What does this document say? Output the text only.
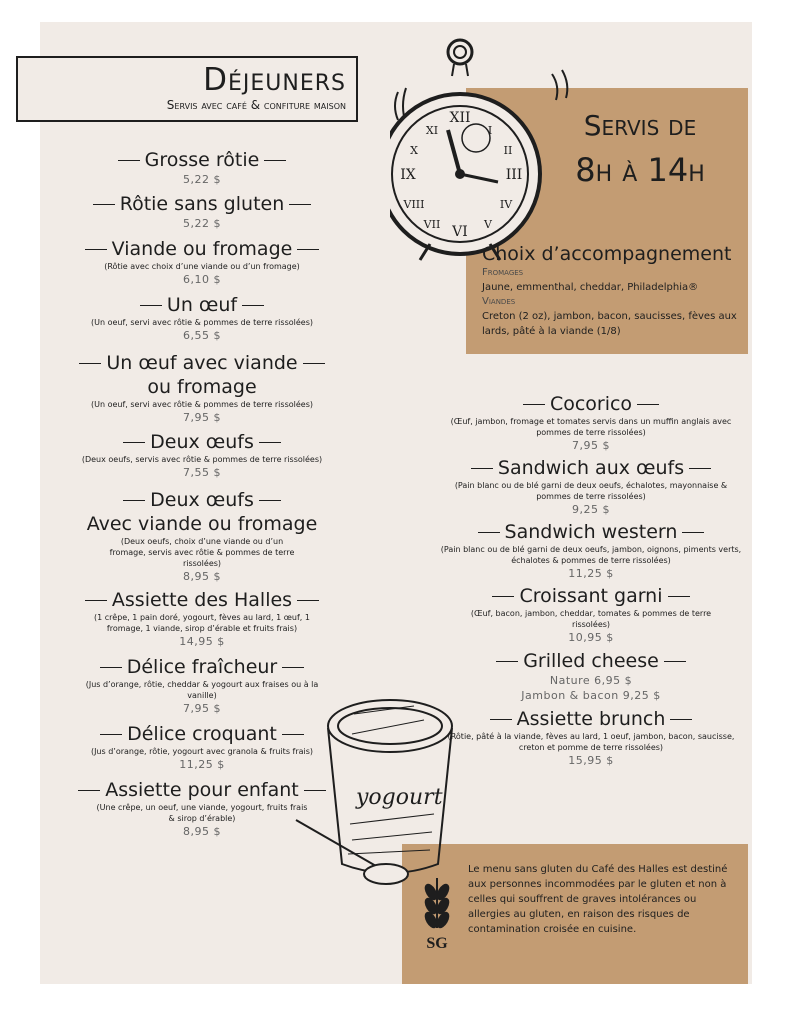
XII
III
VI
IX
I
II
IV
V
VII
VIII
X
XI
yogourt
Déjeuners
Servis avec café & confiture maison
Servis de
8h à 14h
Choix d’accompagnement
Fromages
Jaune, emmenthal, cheddar, Philadelphia®
Viandes
Creton (2 oz), jambon, bacon, saucisses, fèves aux lards, pâté à la viande (1/8)
Grosse rôtie
5,22 $
Rôtie sans gluten
5,22 $
Viande ou fromage
(Rôtie avec choix d’une viande ou d’un fromage)
6,10 $
Un œuf
(Un oeuf, servi avec rôtie & pommes de terre rissolées)
6,55 $
Un œuf avec viande
ou fromage
(Un oeuf, servi avec rôtie & pommes de terre rissolées)
7,95 $
Deux œufs
(Deux oeufs, servis avec rôtie & pommes de terre rissolées)
7,55 $
Deux œufs
Avec viande ou fromage
(Deux oeufs, choix d’une viande ou d’un fromage, servis avec rôtie & pommes de terre rissolées)
8,95 $
Assiette des Halles
(1 crêpe, 1 pain doré, yogourt, fèves au lard, 1 œuf, 1 fromage, 1 viande, sirop d’érable et fruits frais)
14,95 $
Délice fraîcheur
(Jus d’orange, rôtie, cheddar & yogourt aux fraises ou à la vanille)
7,95 $
Délice croquant
(Jus d’orange, rôtie, yogourt avec granola & fruits frais)
11,25 $
Assiette pour enfant
(Une crêpe, un oeuf, une viande, yogourt, fruits frais & sirop d’érable)
8,95 $
Cocorico
(Œuf, jambon, fromage et tomates servis dans un muffin anglais avec pommes de terre rissolées)
7,95 $
Sandwich aux œufs
(Pain blanc ou de blé garni de deux oeufs, échalotes, mayonnaise & pommes de terre rissolées)
9,25 $
Sandwich western
(Pain blanc ou de blé garni de deux oeufs, jambon, oignons, piments verts, échalotes & pommes de terre rissolées)
11,25 $
Croissant garni
(Œuf, bacon, jambon, cheddar, tomates & pommes de terre rissolées)
10,95 $
Grilled cheese
Nature 6,95 $
Jambon & bacon 9,25 $
Assiette brunch
(Rôtie, pâté à la viande, fèves au lard, 1 oeuf, jambon, bacon, saucisse, creton et pomme de terre rissolées)
15,95 $
SG
Le menu sans gluten du Café des Halles est destiné aux personnes incommodées par le gluten et non à celles qui souffrent de graves intolérances ou allergies au gluten, en raison des risques de contamination croisée en cuisine.
